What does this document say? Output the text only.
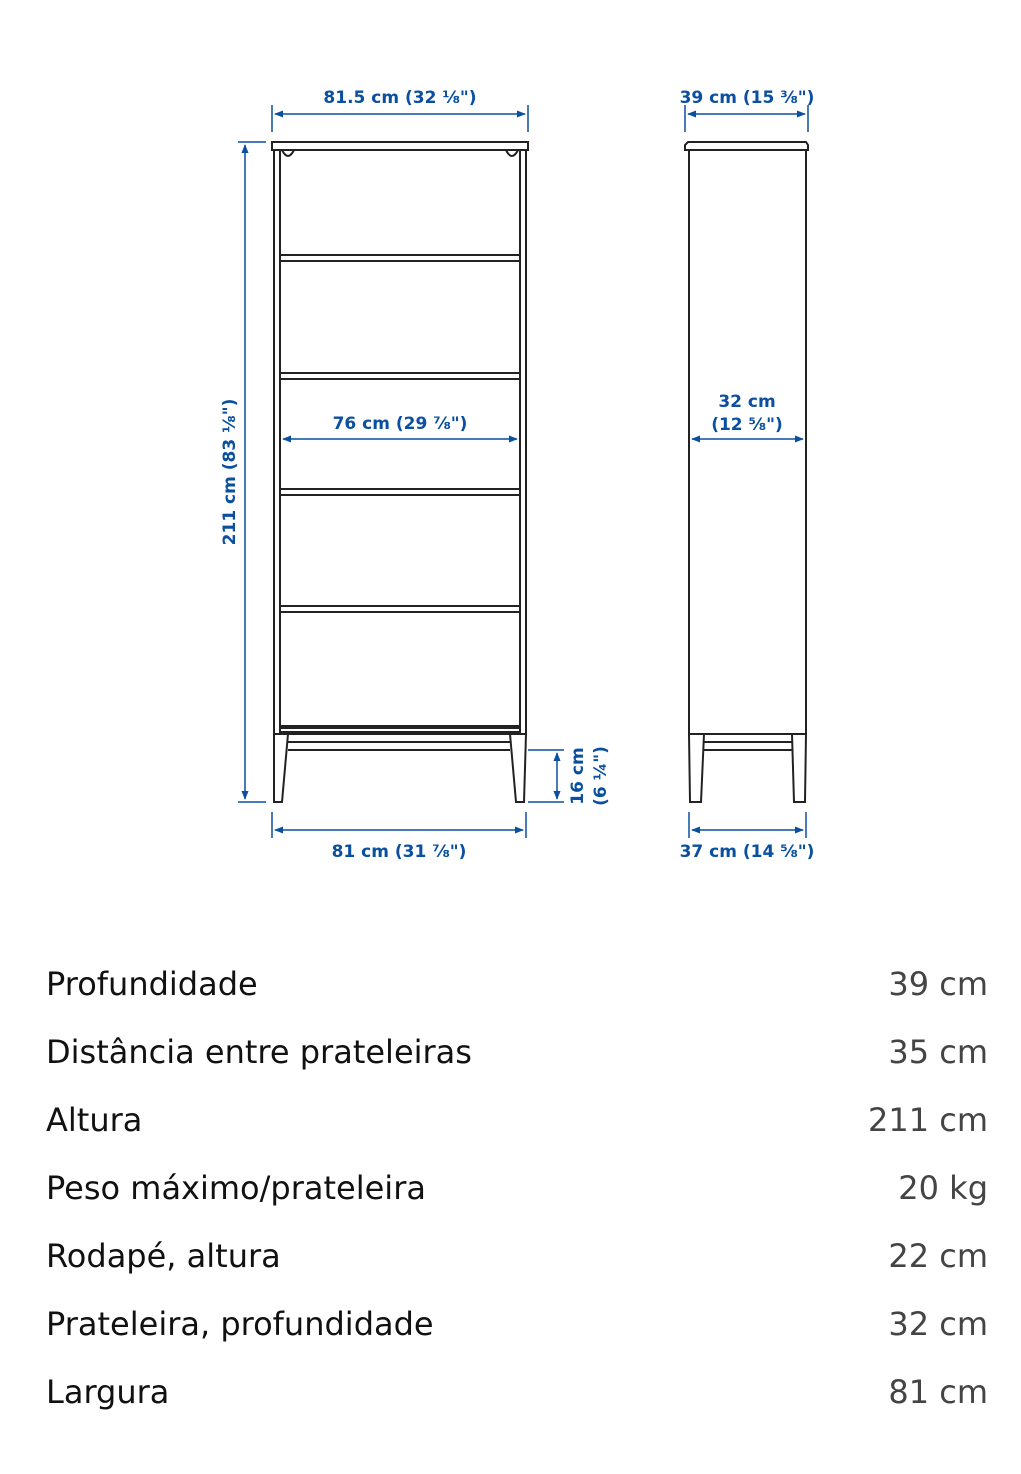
81.5 cm (32 ⅛")
211 cm (83 ⅛")	76 cm (29 ⅞")
16 cm (6 ¼")
81 cm (31 ⅞")
39 cm (15 ⅜")
32 cm
(12 ⅝")
37 cm (14 ⅝")
Profundidade	39 cm
Distância entre prateleiras	35 cm
Altura	211 cm
Peso máximo/prateleira	20 kg
Rodapé, altura	22 cm
Prateleira, profundidade	32 cm
Largura	81 cm
